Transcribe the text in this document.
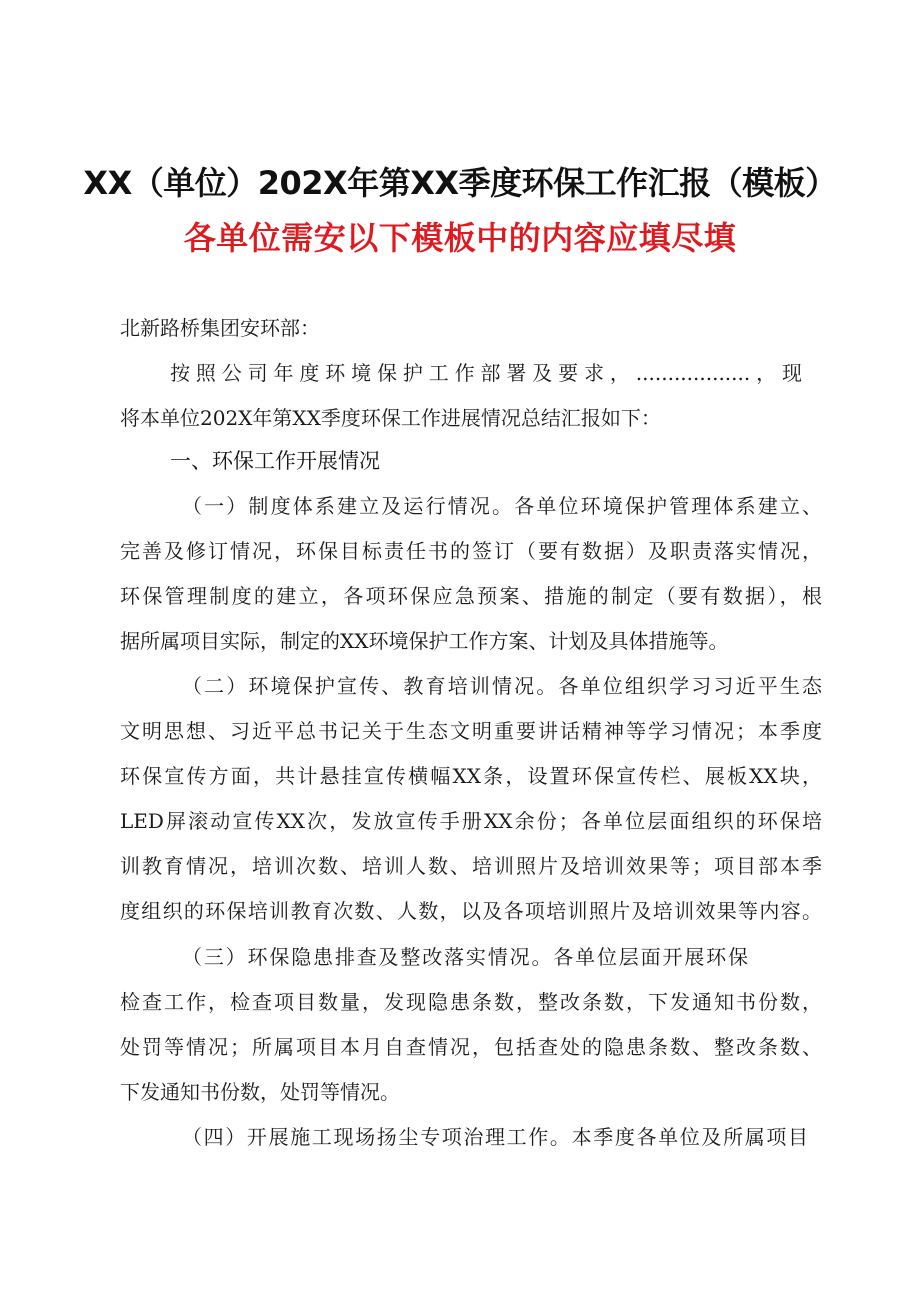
XX（单位）202X年第XX季度环保工作汇报（模板）
各单位需安以下模板中的内容应填尽填
北新路桥集团安环部：
按照公司年度环境保护工作部署及要求，..................，现
将本单位202X年第XX季度环保工作进展情况总结汇报如下：
（一）制度体系建立及运行情况。各单位环境保护管理体系建立、
完善及修订情况，环保目标责任书的签订（要有数据）及职责落实情况，
环保管理制度的建立，各项环保应急预案、措施的制定（要有数据），根
据所属项目实际，制定的XX环境保护工作方案、计划及具体措施等。
（二）环境保护宣传、教育培训情况。各单位组织学习习近平生态
文明思想、习近平总书记关于生态文明重要讲话精神等学习情况；本季度
环保宣传方面，共计悬挂宣传横幅XX条，设置环保宣传栏、展板XX块，
LED屏滚动宣传XX次，发放宣传手册XX余份；各单位层面组织的环保培
训教育情况，培训次数、培训人数、培训照片及培训效果等；项目部本季
度组织的环保培训教育次数、人数，以及各项培训照片及培训效果等内容。
（三）环保隐患排查及整改落实情况。各单位层面开展环保
检查工作，检查项目数量，发现隐患条数，整改条数，下发通知书份数，
处罚等情况；所属项目本月自查情况，包括查处的隐患条数、整改条数、
下发通知书份数，处罚等情况。
（四）开展施工现场扬尘专项治理工作。本季度各单位及所属项目
一、环保工作开展情况
